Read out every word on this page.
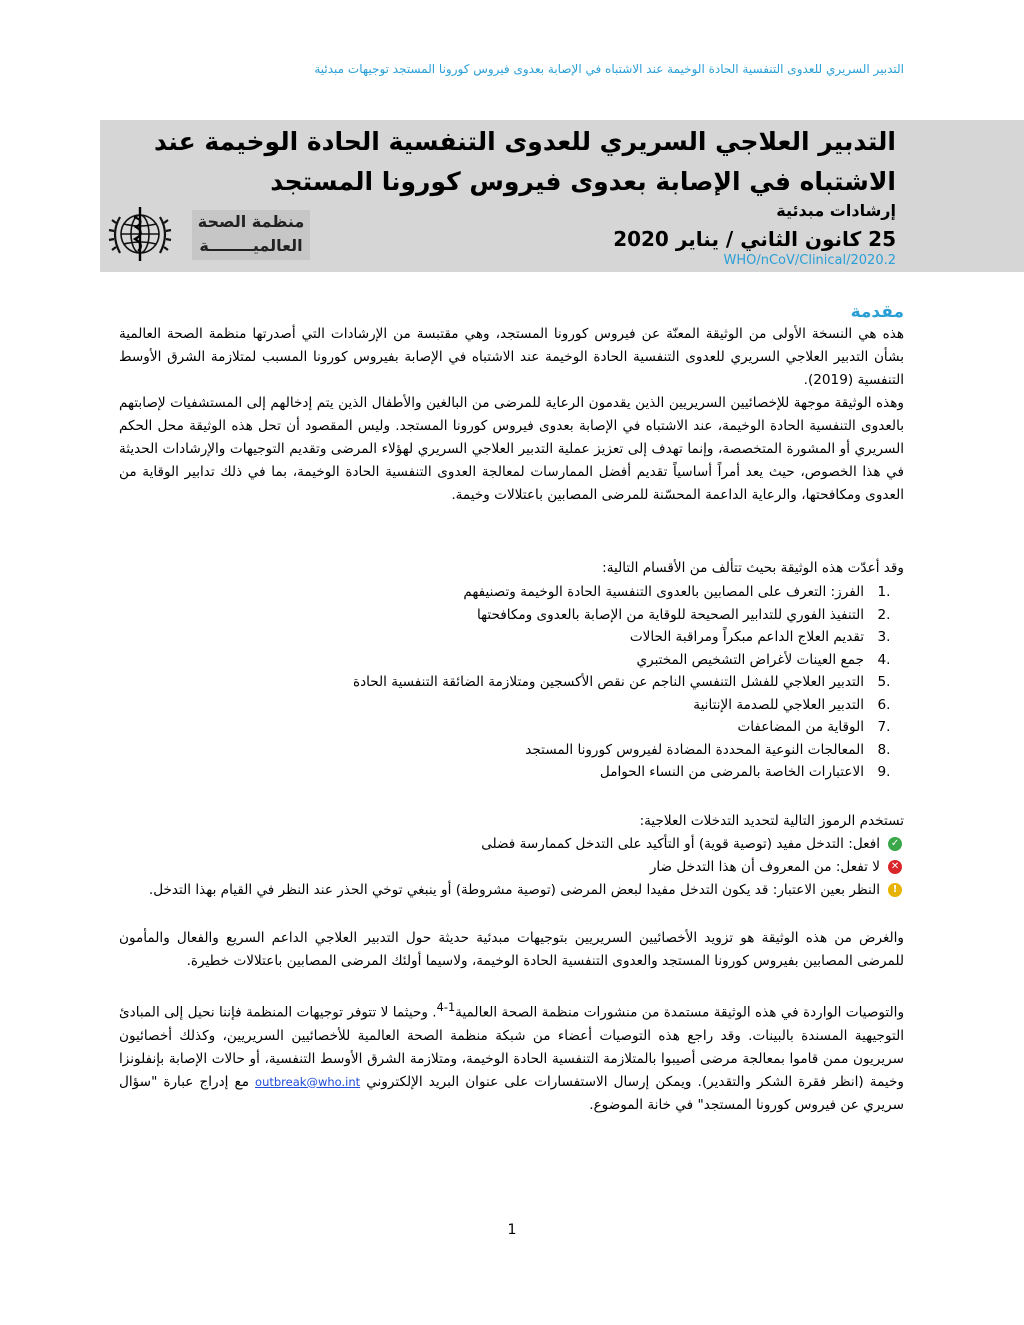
التدبير السريري للعدوى التنفسية الحادة الوخيمة عند الاشتباه في الإصابة بعدوى فيروس كورونا المستجد توجيهات مبدئية
التدبير العلاجي السريري للعدوى التنفسية الحادة الوخيمة عند الاشتباه في الإصابة بعدوى فيروس كورونا المستجد
إرشادات مبدئية
25 كانون الثاني / يناير 2020
WHO/nCoV/Clinical/2020.2
منظمة الصحة
العالميــــــــة
مقدمة

هذه هي النسخة الأولى من الوثيقة المعنّة عن فيروس كورونا المستجد، وهي مقتبسة من الإرشادات التي أصدرتها منظمة الصحة العالمية بشأن التدبير العلاجي السريري للعدوى التنفسية الحادة الوخيمة عند الاشتباه في الإصابة بفيروس كورونا المسبب لمتلازمة الشرق الأوسط التنفسية (2019).

وهذه الوثيقة موجهة للإخصائيين السريريين الذين يقدمون الرعاية للمرضى من البالغين والأطفال الذين يتم إدخالهم إلى المستشفيات لإصابتهم بالعدوى التنفسية الحادة الوخيمة، عند الاشتباه في الإصابة بعدوى فيروس كورونا المستجد. وليس المقصود أن تحل هذه الوثيقة محل الحكم السريري أو المشورة المتخصصة، وإنما تهدف إلى تعزيز عملية التدبير العلاجي السريري لهؤلاء المرضى وتقديم التوجيهات والإرشادات الحديثة في هذا الخصوص، حيث يعد أمراً أساسياً تقديم أفضل الممارسات لمعالجة العدوى التنفسية الحادة الوخيمة، بما في ذلك تدابير الوقاية من العدوى ومكافحتها، والرعاية الداعمة المحسّنة للمرضى المصابين باعتلالات وخيمة.

وقد أعدّت هذه الوثيقة بحيث تتألف من الأقسام التالية:
.1
الفرز: التعرف على المصابين بالعدوى التنفسية الحادة الوخيمة وتصنيفهم
.2
التنفيذ الفوري للتدابير الصحيحة للوقاية من الإصابة بالعدوى ومكافحتها
.3
تقديم العلاج الداعم مبكراً ومراقبة الحالات
.4
جمع العينات لأغراض التشخيص المختبري
.5
التدبير العلاجي للفشل التنفسي الناجم عن نقص الأكسجين ومتلازمة الضائقة التنفسية الحادة
.6
التدبير العلاجي للصدمة الإنتانية
.7
الوقاية من المضاعفات
.8
المعالجات النوعية المحددة المضادة لفيروس كورونا المستجد
.9
الاعتبارات الخاصة بالمرضى من النساء الحوامل
تستخدم الرموز التالية لتحديد التدخلات العلاجية:
✓
افعل: التدخل مفيد (توصية قوية) أو التأكيد على التدخل كممارسة فضلى
✕
لا تفعل: من المعروف أن هذا التدخل ضار
!
النظر بعين الاعتبار: قد يكون التدخل مفيدا لبعض المرضى (توصية مشروطة) أو ينبغي توخي الحذر عند النظر في القيام بهذا التدخل.
والغرض من هذه الوثيقة هو تزويد الأخصائيين السريريين بتوجيهات مبدئية حديثة حول التدبير العلاجي الداعم السريع والفعال والمأمون للمرضى المصابين بفيروس كورونا المستجد والعدوى التنفسية الحادة الوخيمة، ولاسيما أولئك المرضى المصابين باعتلالات خطيرة.
والتوصيات الواردة في هذه الوثيقة مستمدة من منشورات منظمة الصحة العالمية$^{1-4}$. وحيثما لا تتوفر توجيهات المنظمة فإننا نحيل إلى المبادئ التوجيهية المسندة بالبينات. وقد راجع هذه التوصيات أعضاء من شبكة منظمة الصحة العالمية للأخصائيين السريريين، وكذلك أخصائيون سريريون ممن قاموا بمعالجة مرضى أصيبوا بالمتلازمة التنفسية الحادة الوخيمة، ومتلازمة الشرق الأوسط التنفسية، أو حالات الإصابة بإنفلونزا وخيمة (انظر فقرة الشكر والتقدير). ويمكن إرسال الاستفسارات على عنوان البريد الإلكتروني outbreak@who.int مع إدراج عبارة "سؤال سريري عن فيروس كورونا المستجد" في خانة الموضوع.
1
